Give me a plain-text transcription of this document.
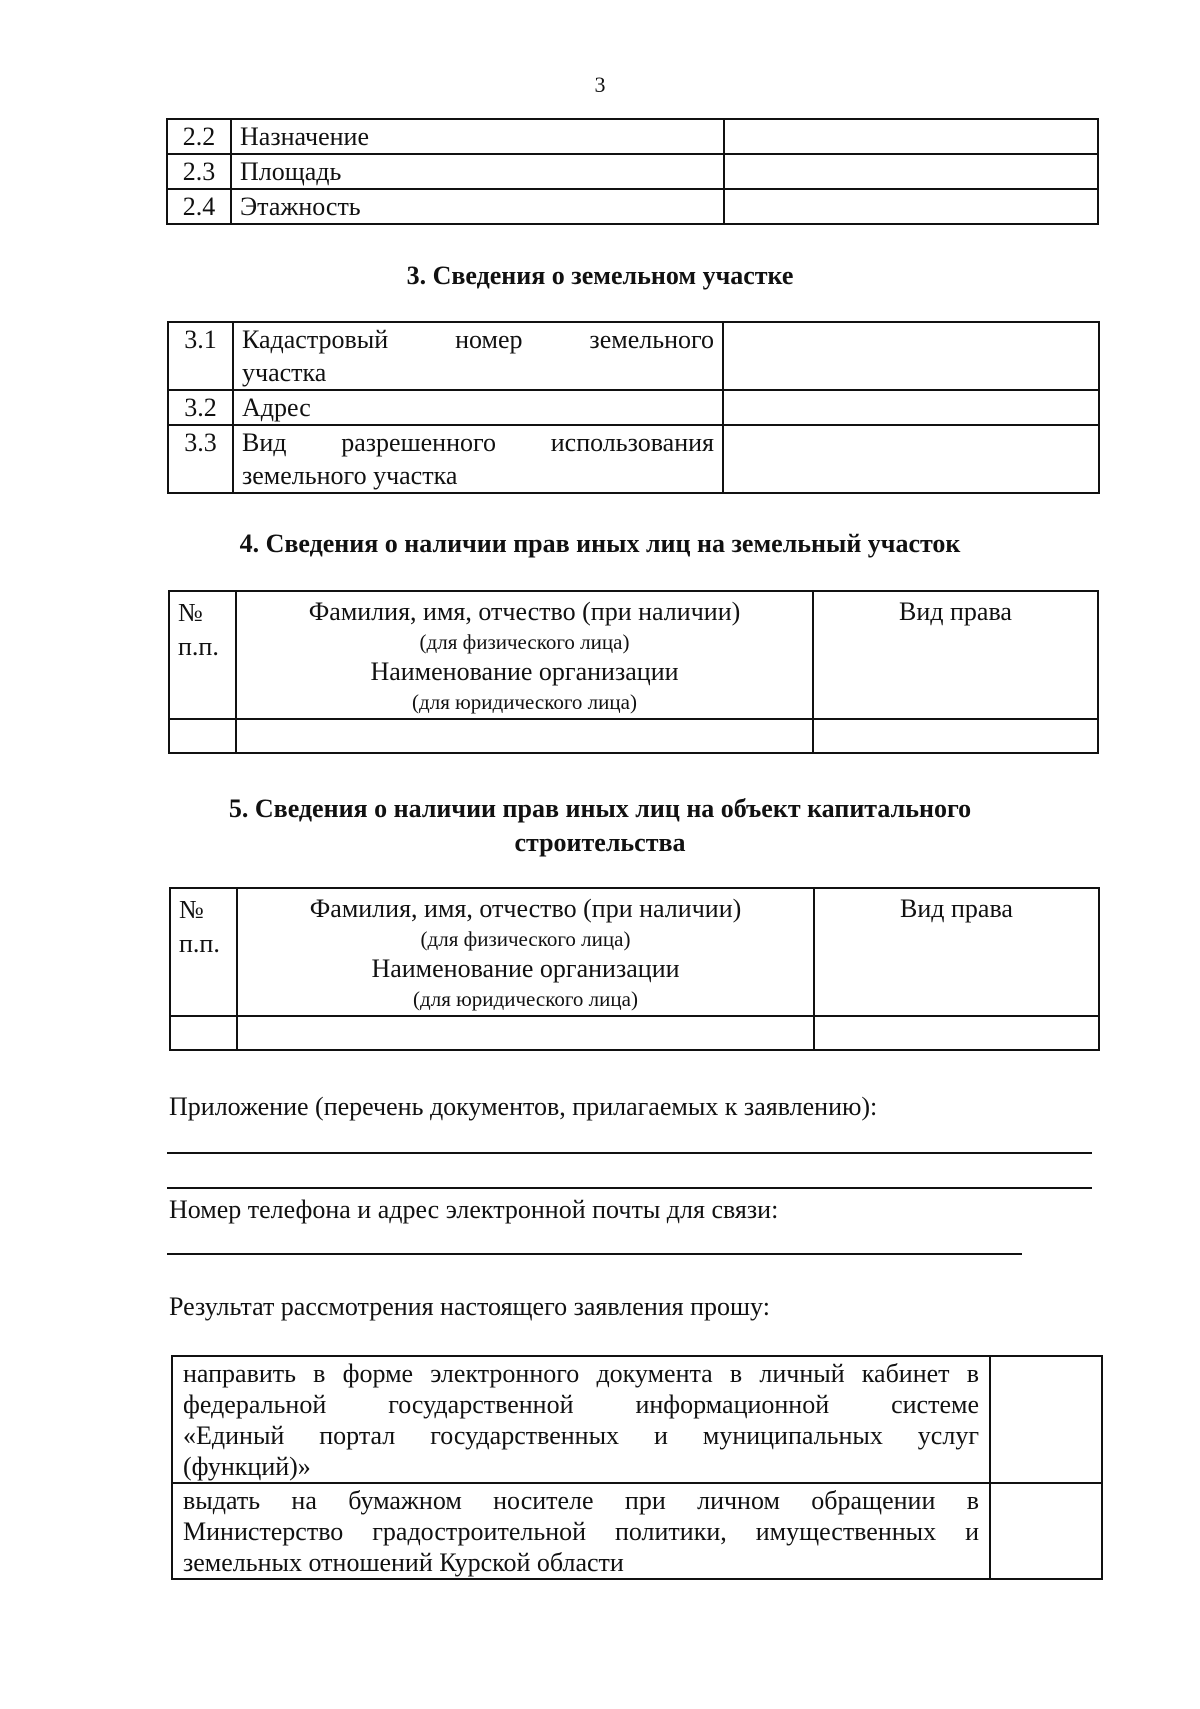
3
2.2	Назначение	
2.3	Площадь	
2.4	Этажность	
3. Сведения о земельном участке
3.1	Кадастровый номер земельного
участка	
3.2	Адрес	
3.3	Вид разрешенного использования
земельного участка	
4. Сведения о наличии прав иных лиц на земельный участок
№ п.п.	Фамилия, имя, отчество (при наличии)
(для физического лица)
Наименование организации
(для юридического лица)	Вид права

5. Сведения о наличии прав иных лиц на объект капитального
строительства
№ п.п.	Фамилия, имя, отчество (при наличии)
(для физического лица)
Наименование организации
(для юридического лица)	Вид права

Приложение (перечень документов, прилагаемых к заявлению):
Номер телефона и адрес электронной почты для связи:
Результат рассмотрения настоящего заявления прошу:
направить в форме электронного документа в личный кабинет в
федеральной государственной информационной системе
«Единый портал государственных и муниципальных услуг
(функций)»	

выдать на бумажном носителе при личном обращении в
Министерство градостроительной политики, имущественных и
земельных отношений Курской области	
